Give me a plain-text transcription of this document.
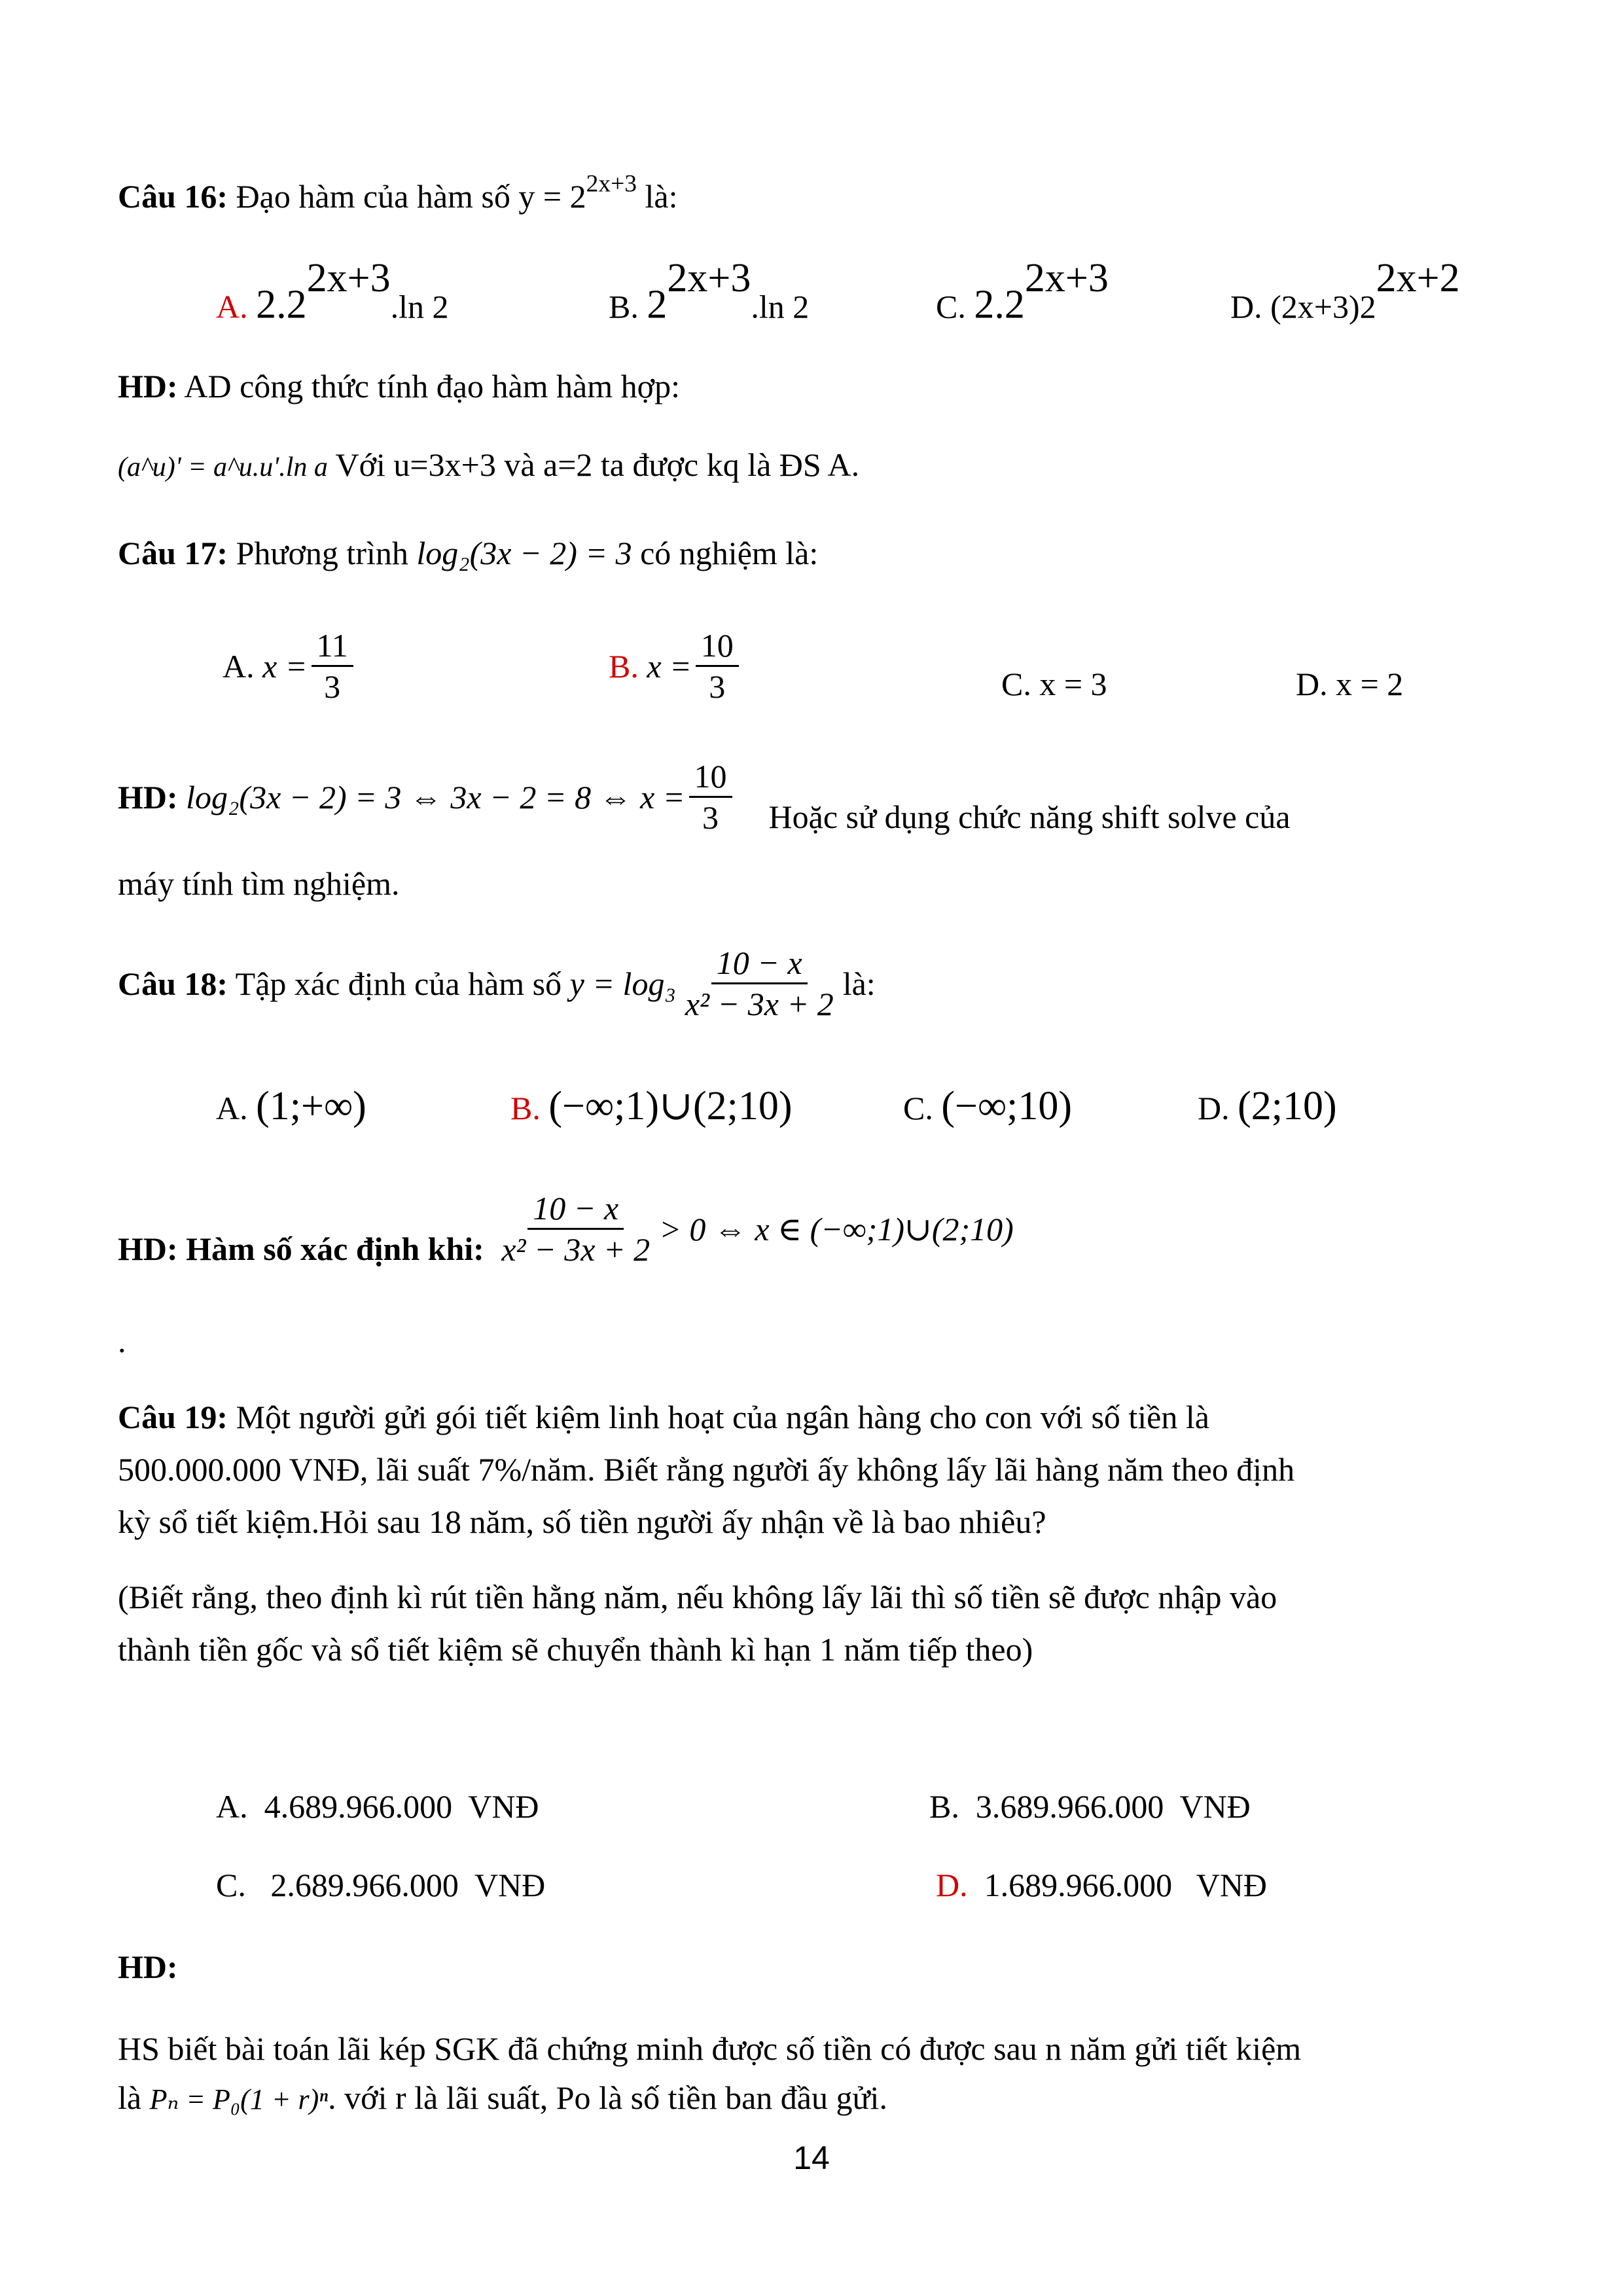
Câu 16: Đạo hàm của hàm số $y = 2^{2x+3}$ là:
A. $2.2^{2x+3}.\ln$ 2	B. $2^{2x+3}.\ln$ 2	C. $2.2^{2x+3}$
D. $(2x+3)2^{2x+2}$
HD: AD công thức tính đạo hàm hàm hợp:
(a^u)' = a^u.u'.ln a Với u=3x+3 và a=2 ta được kq là ĐS A.
Câu 17: Phương trình log₂(3x − 2) = 3 có nghiệm là:
A.
$x = \frac{11}{3}$	B.
$x = \frac{10}{3}$	C. x = 3	D. x = 2
HD:
log₂(3x − 2) = 3 ⇔ 3x − 2 = 8 ⇔ $x = \frac{10}{3}$ Hoặc sử dụng chức năng shift solve của
máy tính tìm nghiệm.
Câu 18: Tập xác định của hàm số $y = \log_3 \frac{10 - x}{\text{x² − 3x + 2}}$ là:
A. (1;+∞)	B. (−∞;1)∪(2;10)	C. (−∞;10)	D. (2;10)
HD: Hàm số xác định khi:
$\frac{10 - x}{\text{x² − 3x + 2}} > 0$ ⇔ x ∈ (−∞;1)∪(2;10)
.
Câu 19: Một người gửi gói tiết kiệm linh hoạt của ngân hàng cho con với số tiền là
500.000.000 VNĐ, lãi suất 7%/năm. Biết rằng người ấy không lấy lãi hàng năm theo định
kỳ sổ tiết kiệm.Hỏi sau 18 năm, số tiền người ấy nhận về là bao nhiêu?
(Biết rằng, theo định kì rút tiền hằng năm, nếu không lấy lãi thì số tiền sẽ được nhập vào
thành tiền gốc và sổ tiết kiệm sẽ chuyển thành kì hạn 1 năm tiếp theo)
A. 4.689.966.000  VNĐ	B. 3.689.966.000  VNĐ
C. 2.689.966.000  VNĐ	D. 1.689.966.000   VNĐ
HD:
HS biết bài toán lãi kép SGK đã chứng minh được số tiền có được sau n năm gửi tiết kiệm
là Pₙ = P₀(1 + r)ⁿ. với r là lãi suất, Po là số tiền ban đầu gửi.
14
